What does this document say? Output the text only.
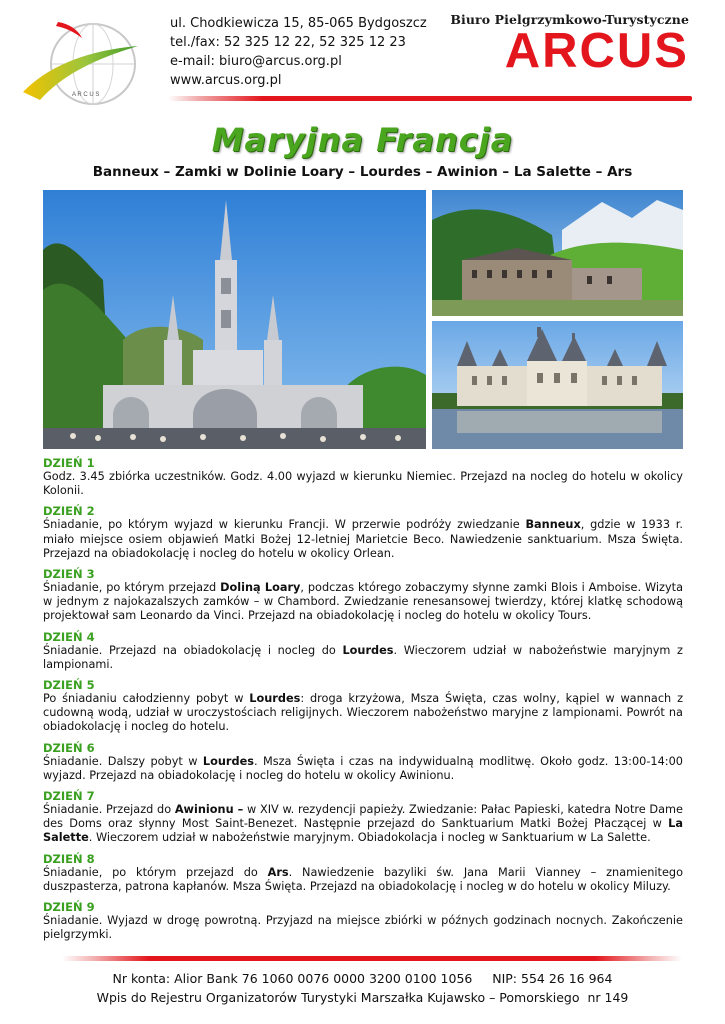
A R C U S
ul. Chodkiewicza 15, 85-065 Bydgoszcz
tel./fax: 52 325 12 22, 52 325 12 23
e-mail: biuro@arcus.org.pl
www.arcus.org.pl
Biuro Pielgrzymkowo-Turystyczne
ARCUS
Maryjna Francja
Banneux – Zamki w Dolinie Loary – Lourdes – Awinion – La Salette – Ars
DZIEŃ 1
Godz. 3.45 zbiórka uczestników. Godz. 4.00 wyjazd w kierunku Niemiec. Przejazd na nocleg do hotelu w okolicy Kolonii.
DZIEŃ 2
Śniadanie, po którym wyjazd w kierunku Francji. W przerwie podróży zwiedzanie Banneux, gdzie w 1933 r. miało miejsce osiem objawień Matki Bożej 12-letniej Marietcie Beco. Nawiedzenie sanktuarium. Msza Święta. Przejazd na obiadokolację i nocleg do hotelu w okolicy Orlean.
DZIEŃ 3
Śniadanie, po którym przejazd Doliną Loary, podczas którego zobaczymy słynne zamki Blois i Amboise. Wizyta w jednym z najokazalszych zamków – w Chambord. Zwiedzanie renesansowej twierdzy, której klatkę schodową projektował sam Leonardo da Vinci. Przejazd na obiadokolację i nocleg do hotelu w okolicy Tours.
DZIEŃ 4
Śniadanie. Przejazd na obiadokolację i nocleg do Lourdes. Wieczorem udział w nabożeństwie maryjnym z lampionami.
DZIEŃ 5
Po śniadaniu całodzienny pobyt w Lourdes: droga krzyżowa, Msza Święta, czas wolny, kąpiel w wannach z cudowną wodą, udział w uroczystościach religijnych. Wieczorem nabożeństwo maryjne z lampionami. Powrót na obiadokolację i nocleg do hotelu.
DZIEŃ 6
Śniadanie. Dalszy pobyt w Lourdes. Msza Święta i czas na indywidualną modlitwę. Około godz. 13:00-14:00 wyjazd. Przejazd na obiadokolację i nocleg do hotelu w okolicy Awinionu.
DZIEŃ 7
Śniadanie. Przejazd do Awinionu – w XIV w. rezydencji papieży. Zwiedzanie: Pałac Papieski, katedra Notre Dame des Doms oraz słynny Most Saint-Benezet. Następnie przejazd do Sanktuarium Matki Bożej Płaczącej w La Salette. Wieczorem udział w nabożeństwie maryjnym. Obiadokolacja i nocleg w Sanktuarium w La Salette.
DZIEŃ 8
Śniadanie, po którym przejazd do Ars. Nawiedzenie bazyliki św. Jana Marii Vianney – znamienitego duszpasterza, patrona kapłanów. Msza Święta. Przejazd na obiadokolację i nocleg w do hotelu w okolicy Miluzy.
DZIEŃ 9
Śniadanie. Wyjazd w drogę powrotną. Przyjazd na miejsce zbiórki w późnych godzinach nocnych. Zakończenie pielgrzymki.
Nr konta: Alior Bank 76 1060 0076 0000 3200 0100 1056     NIP: 554 26 16 964
Wpis do Rejestru Organizatorów Turystyki Marszałka Kujawsko – Pomorskiego  nr 149
